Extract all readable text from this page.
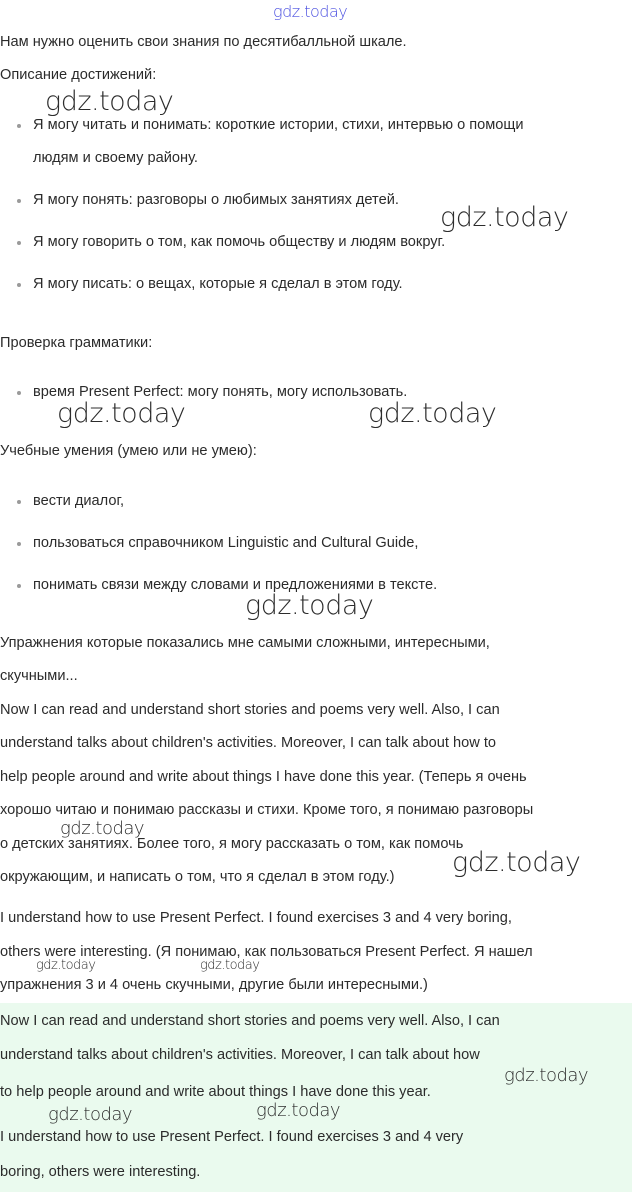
gdz.today

Нам нужно оценить свои знания по десятибалльной шкале.

Описание достижений:

Я могу читать и понимать: короткие истории, стихи, интервью о помощи

людям и своему району.

Я могу понять: разговоры о любимых занятиях детей.
Я могу говорить о том, как помочь обществу и людям вокруг.
Я могу писать: о вещах, которые я сделал в этом году.

Проверка грамматики:

время Present Perfect: могу понять, могу использовать.

Учебные умения (умею или не умею):

вести диалог,
пользоваться справочником Linguistic and Cultural Guide,
понимать связи между словами и предложениями в тексте.

Упражнения которые показались мне самыми сложными, интересными,

скучными...

Now I can read and understand short stories and poems very well. Also, I can

understand talks about children's activities. Moreover, I can talk about how to

help people around and write about things I have done this year. (Теперь я очень

хорошо читаю и понимаю рассказы и стихи. Кроме того, я понимаю разговоры

о детских занятиях. Более того, я могу рассказать о том, как помочь

окружающим, и написать о том, что я сделал в этом году.)

I understand how to use Present Perfect. I found exercises 3 and 4 very boring,

others were interesting. (Я понимаю, как пользоваться Present Perfect. Я нашел

упражнения 3 и 4 очень скучными, другие были интересными.)

Now I can read and understand short stories and poems very well. Also, I can

understand talks about children's activities. Moreover, I can talk about how

to help people around and write about things I have done this year.

I understand how to use Present Perfect. I found exercises 3 and 4 very

boring, others were interesting.

gdz.today
gdz.today
gdz.today	gdz.today
gdz.today
gdz.today
gdz.today
gdz.today	gdz.today
gdz.today
gdz.today	gdz.today
